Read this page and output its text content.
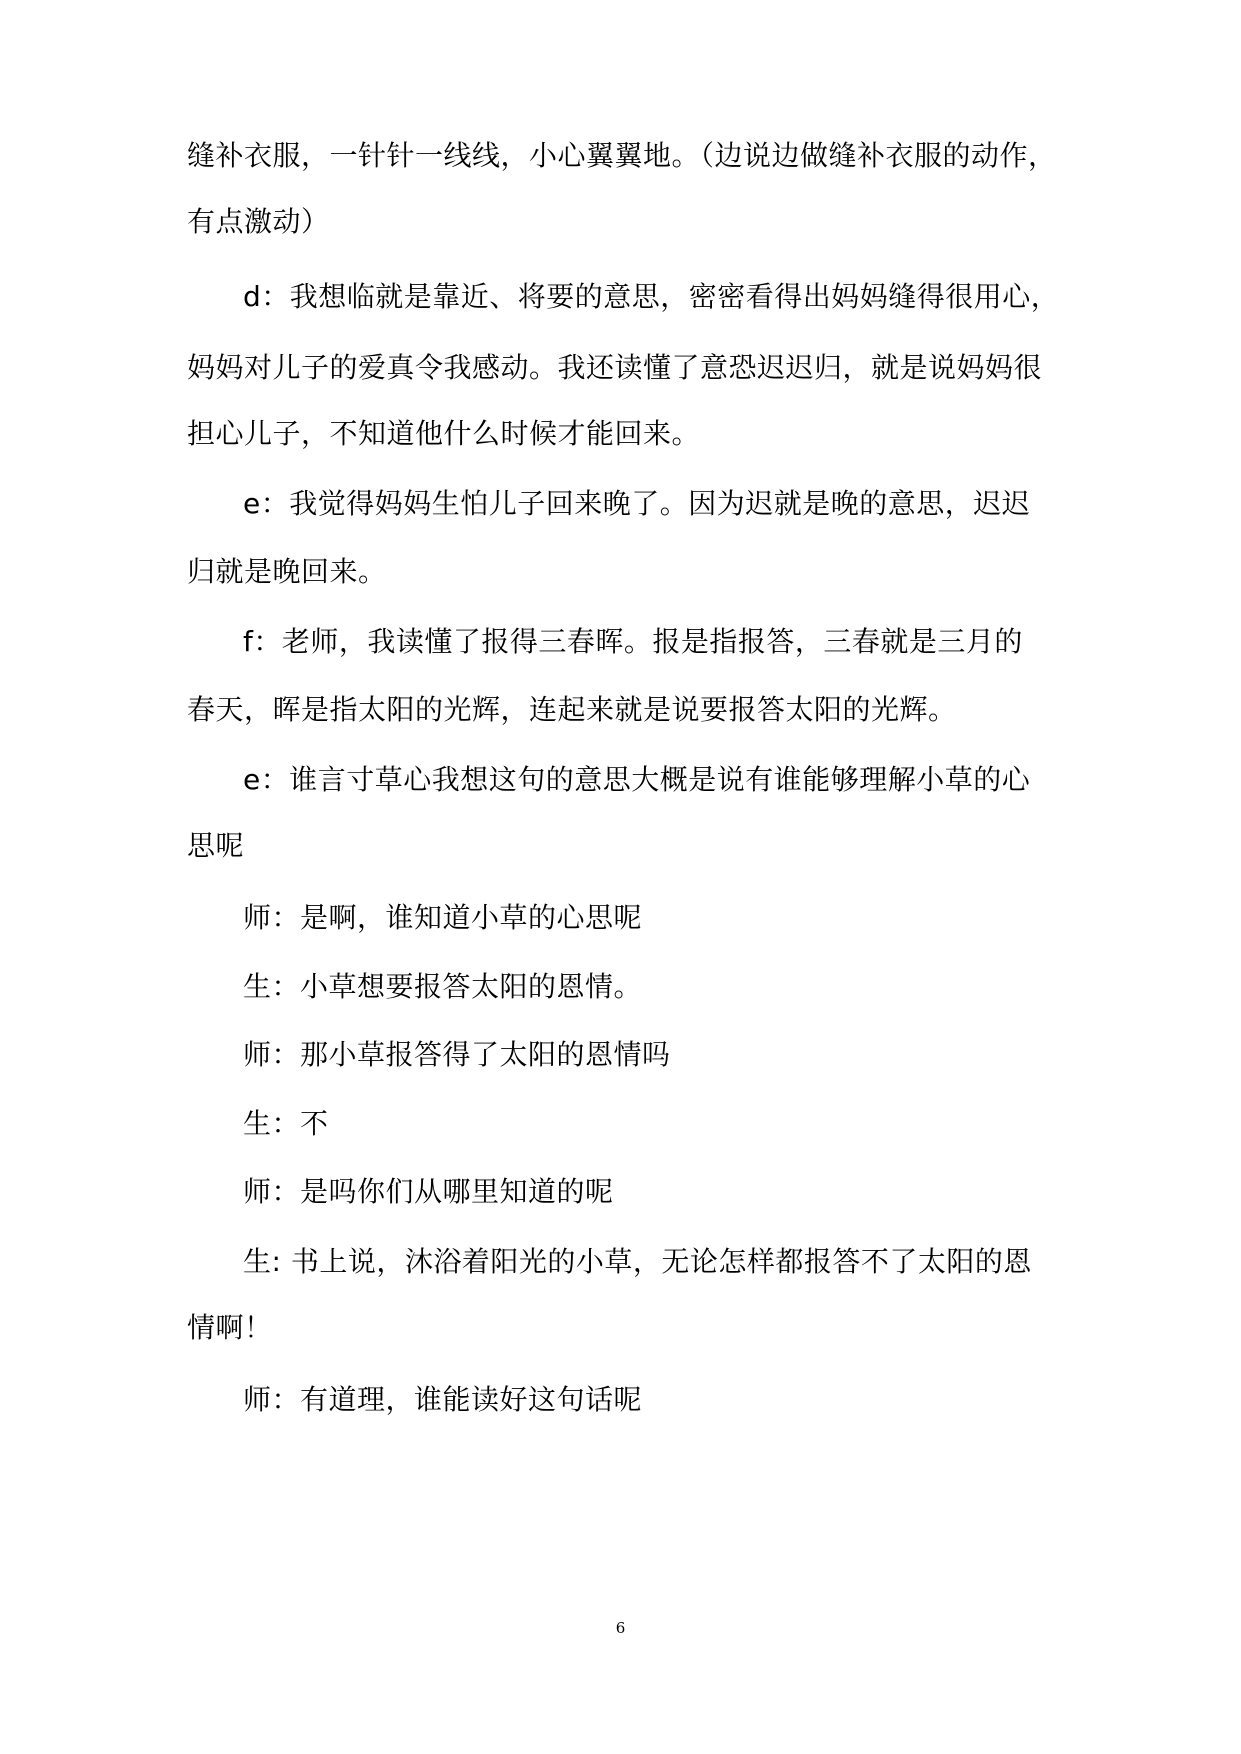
缝补衣服，一针针一线线，小心翼翼地。（边说边做缝补衣服的动作，
有点激动）
d：我想临就是靠近、将要的意思，密密看得出妈妈缝得很用心，
妈妈对儿子的爱真令我感动。我还读懂了意恐迟迟归，就是说妈妈很
担心儿子，不知道他什么时候才能回来。
e：我觉得妈妈生怕儿子回来晚了。因为迟就是晚的意思，迟迟
归就是晚回来。
f：老师，我读懂了报得三春晖。报是指报答，三春就是三月的
春天，晖是指太阳的光辉，连起来就是说要报答太阳的光辉。
e：谁言寸草心我想这句的意思大概是说有谁能够理解小草的心
思呢
师：是啊，谁知道小草的心思呢
生：小草想要报答太阳的恩情。
师：那小草报答得了太阳的恩情吗
生：不
师：是吗你们从哪里知道的呢
生: 书上说，沐浴着阳光的小草，无论怎样都报答不了太阳的恩
情啊！
师：有道理，谁能读好这句话呢
6
